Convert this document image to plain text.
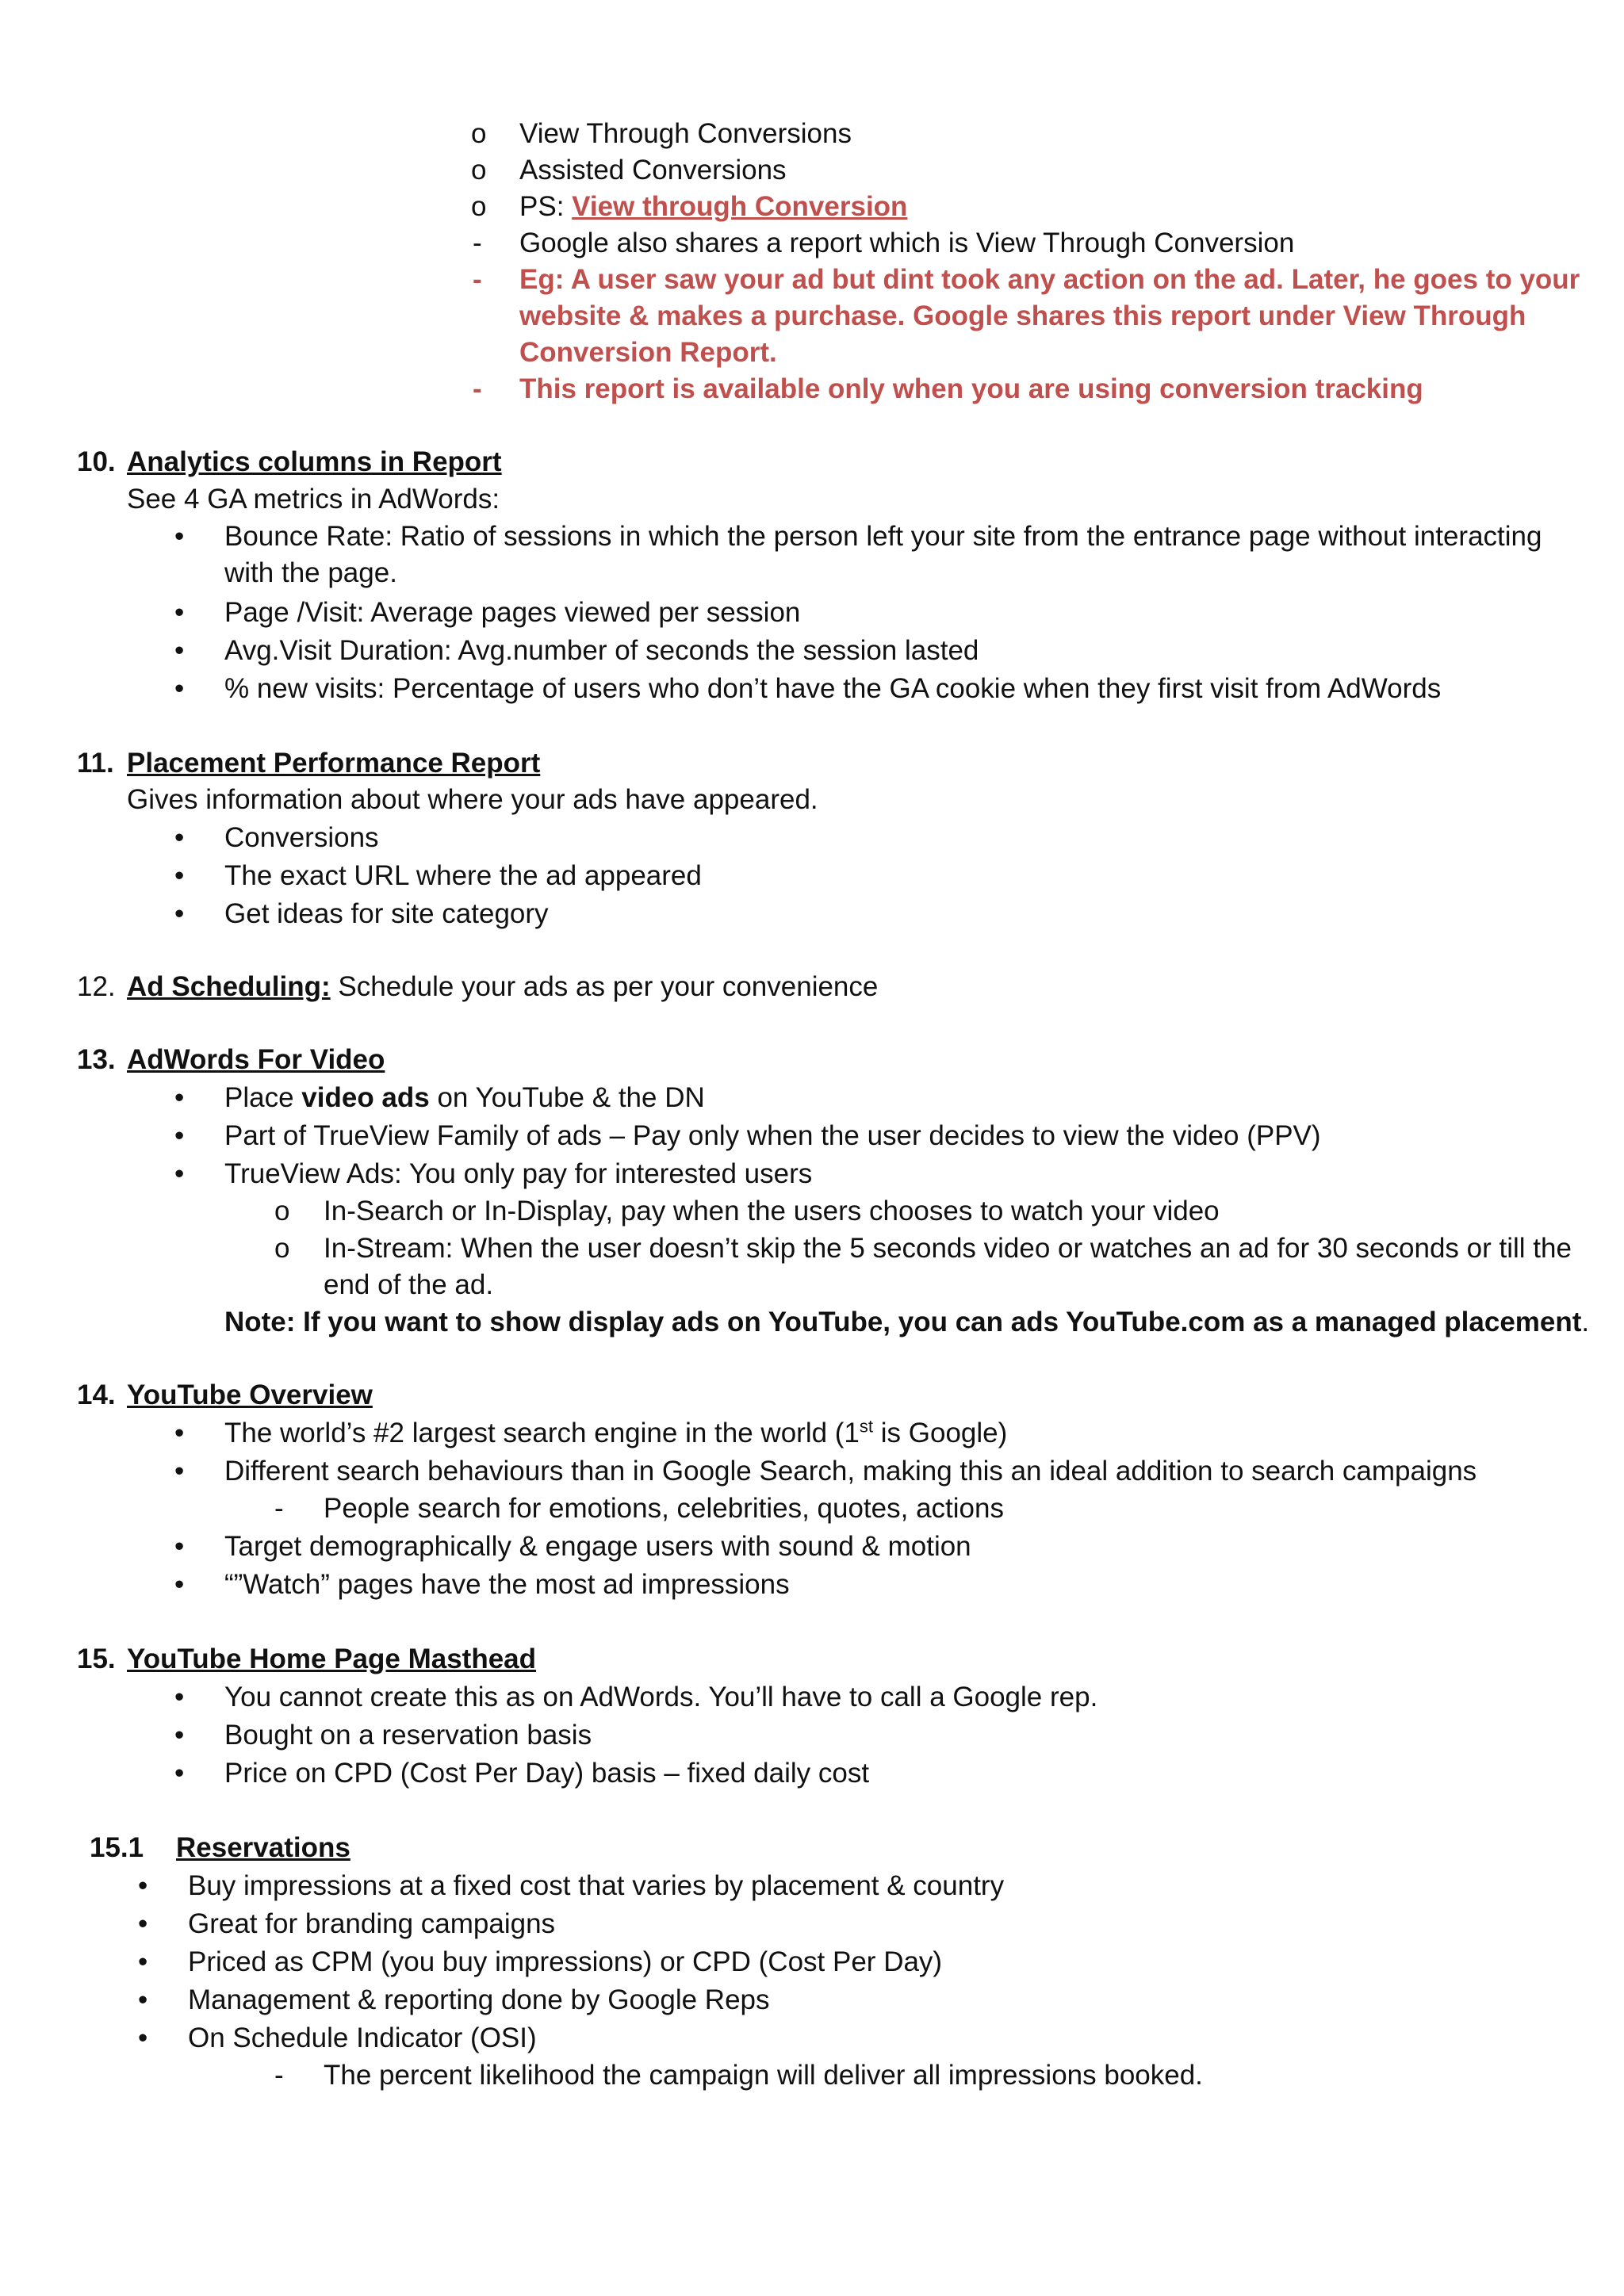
o View Through Conversions
o Assisted Conversions
o PS: View through Conversion
- Google also shares a report which is View Through Conversion
- Eg: A user saw your ad but dint took any action on the ad. Later, he goes to your
website & makes a purchase. Google shares this report under View Through
Conversion Report.
- This report is available only when you are using conversion tracking
10. Analytics columns in Report
See 4 GA metrics in AdWords:
•
Bounce Rate: Ratio of sessions in which the person left your site from the entrance page without interacting
with the page.
•
Page /Visit: Average pages viewed per session
•
Avg.Visit Duration: Avg.number of seconds the session lasted
•
% new visits: Percentage of users who don’t have the GA cookie when they first visit from AdWords
11. Placement Performance Report
Gives information about where your ads have appeared.
•
Conversions
•
The exact URL where the ad appeared
•
Get ideas for site category
12. Ad Scheduling: Schedule your ads as per your convenience
13. AdWords For Video
•
Place video ads on YouTube & the DN
•
Part of TrueView Family of ads – Pay only when the user decides to view the video (PPV)
•
TrueView Ads: You only pay for interested users
o In-Search or In-Display, pay when the users chooses to watch your video
o In-Stream: When the user doesn’t skip the 5 seconds video or watches an ad for 30 seconds or till the
end of the ad.
Note: If you want to show display ads on YouTube, you can ads YouTube.com as a managed placement.
14. YouTube Overview
•
The world’s #2 largest search engine in the world (1st is Google)
•
Different search behaviours than in Google Search, making this an ideal addition to search campaigns
- People search for emotions, celebrities, quotes, actions
•
Target demographically & engage users with sound & motion
•
“”Watch” pages have the most ad impressions
15. YouTube Home Page Masthead
•
You cannot create this as on AdWords. You’ll have to call a Google rep.
•
Bought on a reservation basis
•
Price on CPD (Cost Per Day) basis – fixed daily cost
15.1 Reservations
•
Buy impressions at a fixed cost that varies by placement & country
•
Great for branding campaigns
•
Priced as CPM (you buy impressions) or CPD (Cost Per Day)
•
Management & reporting done by Google Reps
•
On Schedule Indicator (OSI)
- The percent likelihood the campaign will deliver all impressions booked.
